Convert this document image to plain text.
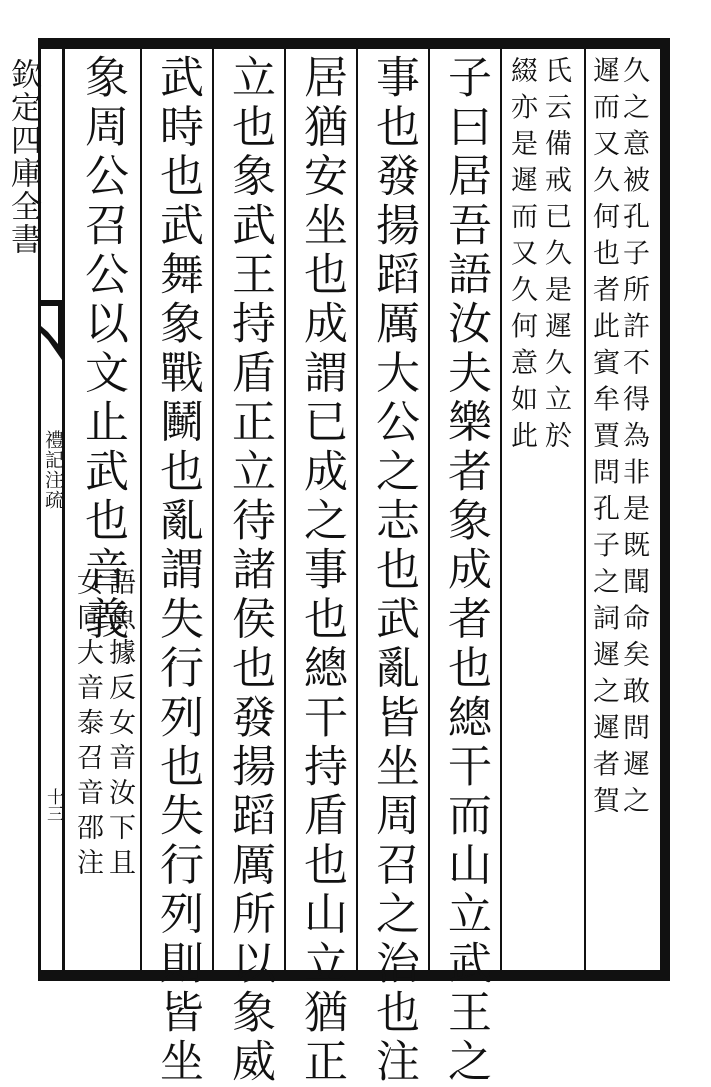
欽定四庫全書
禮記注疏
十三	久之意被孔子所許不得為非是既聞命矣敢問遲之
遲而又久何也者此賓牟賈問孔子之詞遲之遲者賀
氏云備戒已久是遲久立於
綴亦是遲而又久何意如此
子曰居吾語汝夫樂者象成者也總干而山立武王之
事也發揚蹈厲大公之志也武亂皆坐周召之治也注
居猶安坐也成謂已成之事也總干持盾也山立猶正
立也象武王持盾正立待諸侯也發揚蹈厲所以象威
武時也武舞象戰鬭也亂謂失行列也失行列則皆坐
象周公召公以文止武也音義
語魚據反女音汝下且
女同大音泰召音邵注
